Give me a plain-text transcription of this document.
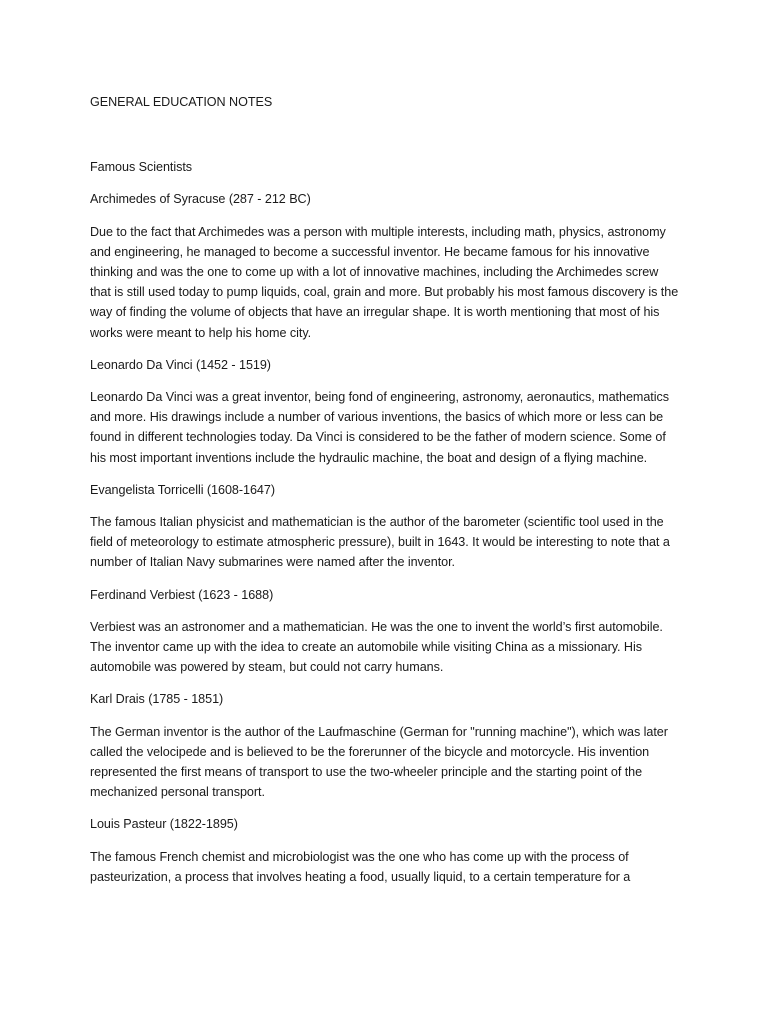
GENERAL EDUCATION NOTES
Famous Scientists
Archimedes of Syracuse (287 - 212 BC)
Due to the fact that Archimedes was a person with multiple interests, including math, physics, astronomy and engineering, he managed to become a successful inventor. He became famous for his innovative thinking and was the one to come up with a lot of innovative machines, including the Archimedes screw that is still used today to pump liquids, coal, grain and more. But probably his most famous discovery is the way of finding the volume of objects that have an irregular shape. It is worth mentioning that most of his works were meant to help his home city.
Leonardo Da Vinci (1452 - 1519)
Leonardo Da Vinci was a great inventor, being fond of engineering, astronomy, aeronautics, mathematics and more. His drawings include a number of various inventions, the basics of which more or less can be found in different technologies today. Da Vinci is considered to be the father of modern science. Some of his most important inventions include the hydraulic machine, the boat and design of a flying machine.
Evangelista Torricelli (1608-1647)
The famous Italian physicist and mathematician is the author of the barometer (scientific tool used in the field of meteorology to estimate atmospheric pressure), built in 1643. It would be interesting to note that a number of Italian Navy submarines were named after the inventor.
Ferdinand Verbiest (1623 - 1688)
Verbiest was an astronomer and a mathematician. He was the one to invent the world’s first automobile. The inventor came up with the idea to create an automobile while visiting China as a missionary. His automobile was powered by steam, but could not carry humans.
Karl Drais (1785 - 1851)
The German inventor is the author of the Laufmaschine (German for "running machine"), which was later called the velocipede and is believed to be the forerunner of the bicycle and motorcycle. His invention represented the first means of transport to use the two-wheeler principle and the starting point of the mechanized personal transport.
Louis Pasteur (1822-1895)
The famous French chemist and microbiologist was the one who has come up with the process of pasteurization, a process that involves heating a food, usually liquid, to a certain temperature for a
